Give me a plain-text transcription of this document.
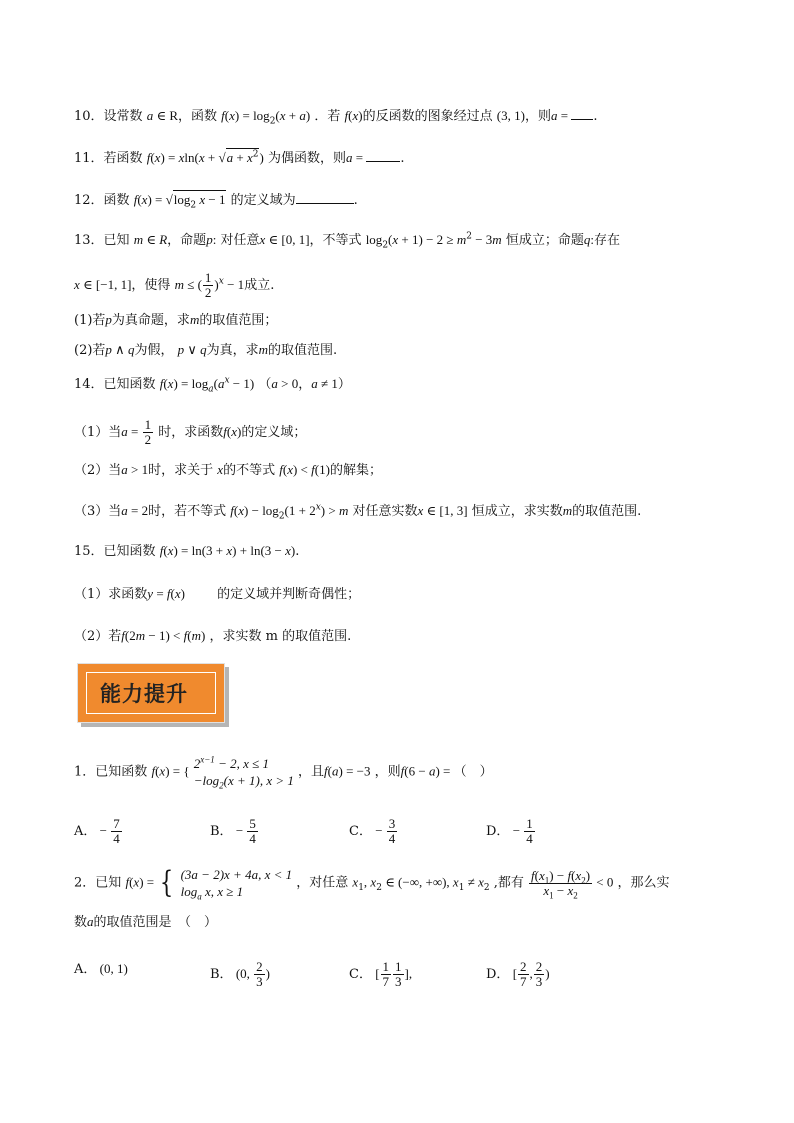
10．设常数 a ∈ R，函数 $f(x) = \log_2(x + a)$ ．若 f(x)的反函数的图象经过点 (3, 1)，则a = .
11．若函数 $f(x) = xln(x + √a + x^2)$ 为偶函数，则a =	.
12．函数 $f(x) = √\log_2$ x − 1 的定义域为	.
13．已知 m ∈ R，命题p: 对任意x ∈ [0, 1]，不等式 $\log_2(x + 1) - 2 \ge m^2 - 3m$ 恒成立；命题q:存在
x ∈ [−1, 1]，使得 m ≤ ( $\frac{1}{2} )^x - 1$成立.
(1)若p为真命题，求m的取值范围；
(2)若p ∧ q为假， p ∨ q为真，求m的取值范围.
14．已知函数 $f(x) = \log_a(a^x - 1) (a > 0$，a ≠ 1）
（1）当$a = \frac{1}{2}$ 时，求函数f(x)的定义域；
（2）当a > 1时，求关于 x的不等式 f(x) < f(1)的解集；
（3）当a = 2时，若不等式 $f(x) - \log_2(1 + 2^x) > m$ 对任意实数x ∈ [1, 3] 恒成立，求实数m的取值范围.
15．已知函数 f(x) = ln(3 + x) + ln(3 − x).
（1）求函数y = f(x) 的定义域并判断奇偶性；
（2）若f(2m − 1) < f(m) ，求实数 m 的取值范围.
能力提升
1．已知函数 f(x) = { $2^{x-1} - 2$, x ≤ 1
$-\log_2(x + 1)$, x > 1
，且f(a) = −3 ，则f(6 − a) = （　）
A． − $\frac{7}{4}$	B． − $\frac{5}{4}$	C． − $\frac{3}{4}$	D． − $\frac{1}{4}$
2．已知 f(x) = { (3a − 2)x + 4a, x < 1
$\log_a x$, x ≥ 1
，对任意 $x_1$, $x_2$ ∈ (−∞, +∞), $x_1 \ne x_2$ ,都有 $\frac{f(x_1) - f(x_2)}{x_1 - x_2} < 0$ ，那么实
数a的取值范围是　（　）
A． (0, 1)	B． (0, $\frac{2}{3}$ )	C． [ $\frac{1}{7} \frac{1}{3}$ ],	D． [ $\frac{2}{7}$ , $\frac{2}{3}$ )
